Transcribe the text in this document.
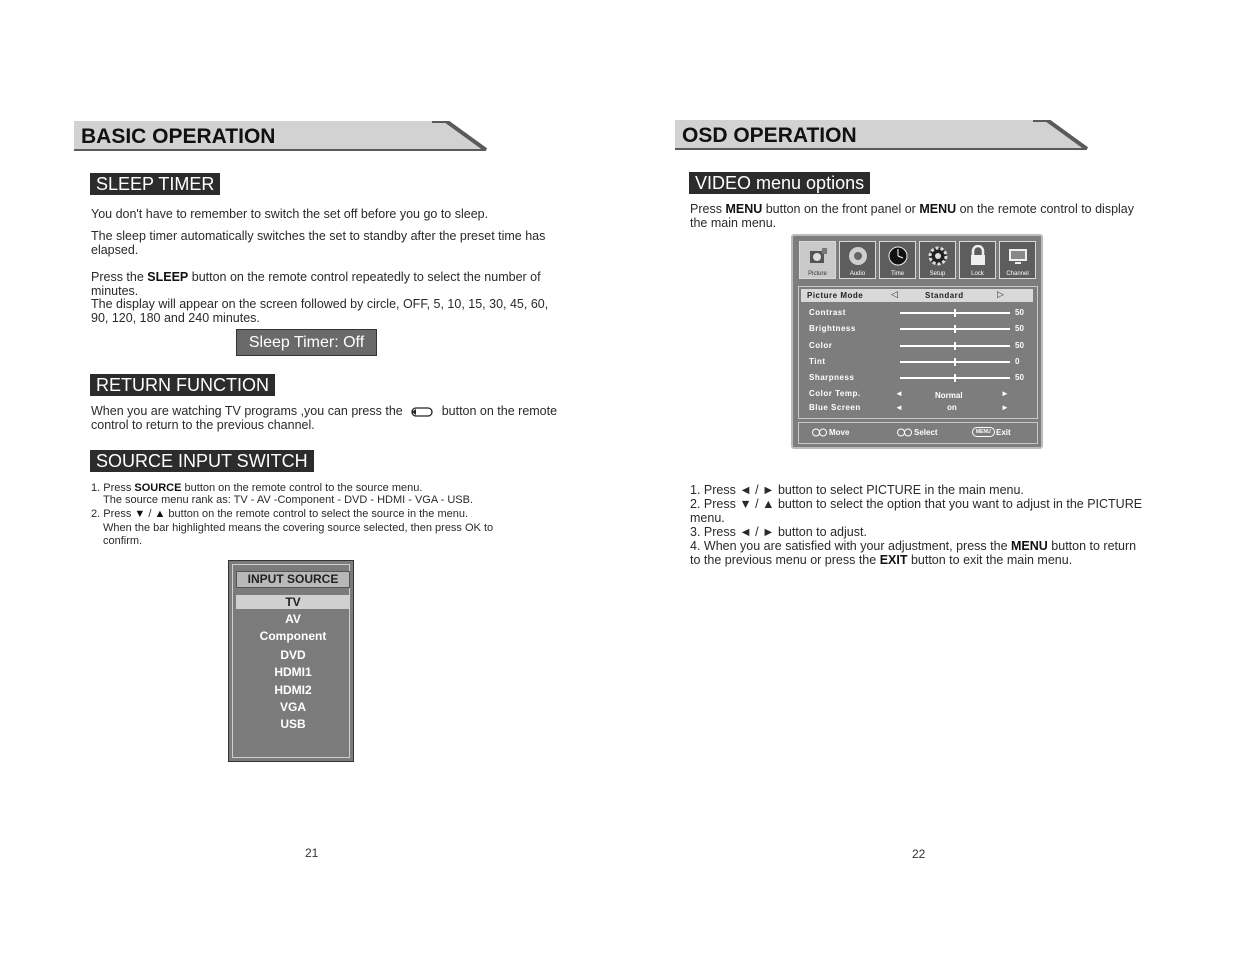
BASIC OPERATION
SLEEP TIMER
You don't have to remember to switch the set off before you go to sleep.
The sleep timer automatically switches the set to standby after the preset time has elapsed.
Press the SLEEP button on the remote control repeatedly to select the number of minutes.
The display will appear on the screen followed by circle, OFF, 5, 10, 15, 30, 45, 60, 90, 120, 180 and 240 minutes.
Sleep Timer: Off
RETURN FUNCTION
When you are watching TV programs ,you can press the	button on the remote control to return to the previous channel.
SOURCE INPUT SWITCH
1. Press SOURCE button on the remote control to the source menu.
The source menu rank as: TV - AV -Component - DVD - HDMI - VGA - USB.
2. Press ▼ / ▲ button on the remote control to select the source in the menu.
When the bar highlighted means the covering source selected, then press OK to confirm.
INPUT SOURCE
TV
AV
Component
DVD
HDMI1
HDMI2
VGA
USB
21
OSD OPERATION
VIDEO menu options
Press MENU button on the front panel or MENU on the remote control to display the main menu.
Picture	Audio	Time	Setup	Lock	Channel
Picture Mode	◁	Standard	▷
Contrast	50
Brightness	50
Color	50
Tint	0
Sharpness	50
Color Temp.	◄	Normal	►
Blue Screen	◄	on	►
Move	Select	MENU Exit
1. Press ◄ / ► button to select PICTURE in the main menu.
2. Press ▼ / ▲ button to select the option that you want to adjust in the PICTURE menu.
3. Press ◄ / ► button to adjust.
4. When you are satisfied with your adjustment, press the MENU button to return to the previous menu or press the EXIT button to exit the main menu.
22
